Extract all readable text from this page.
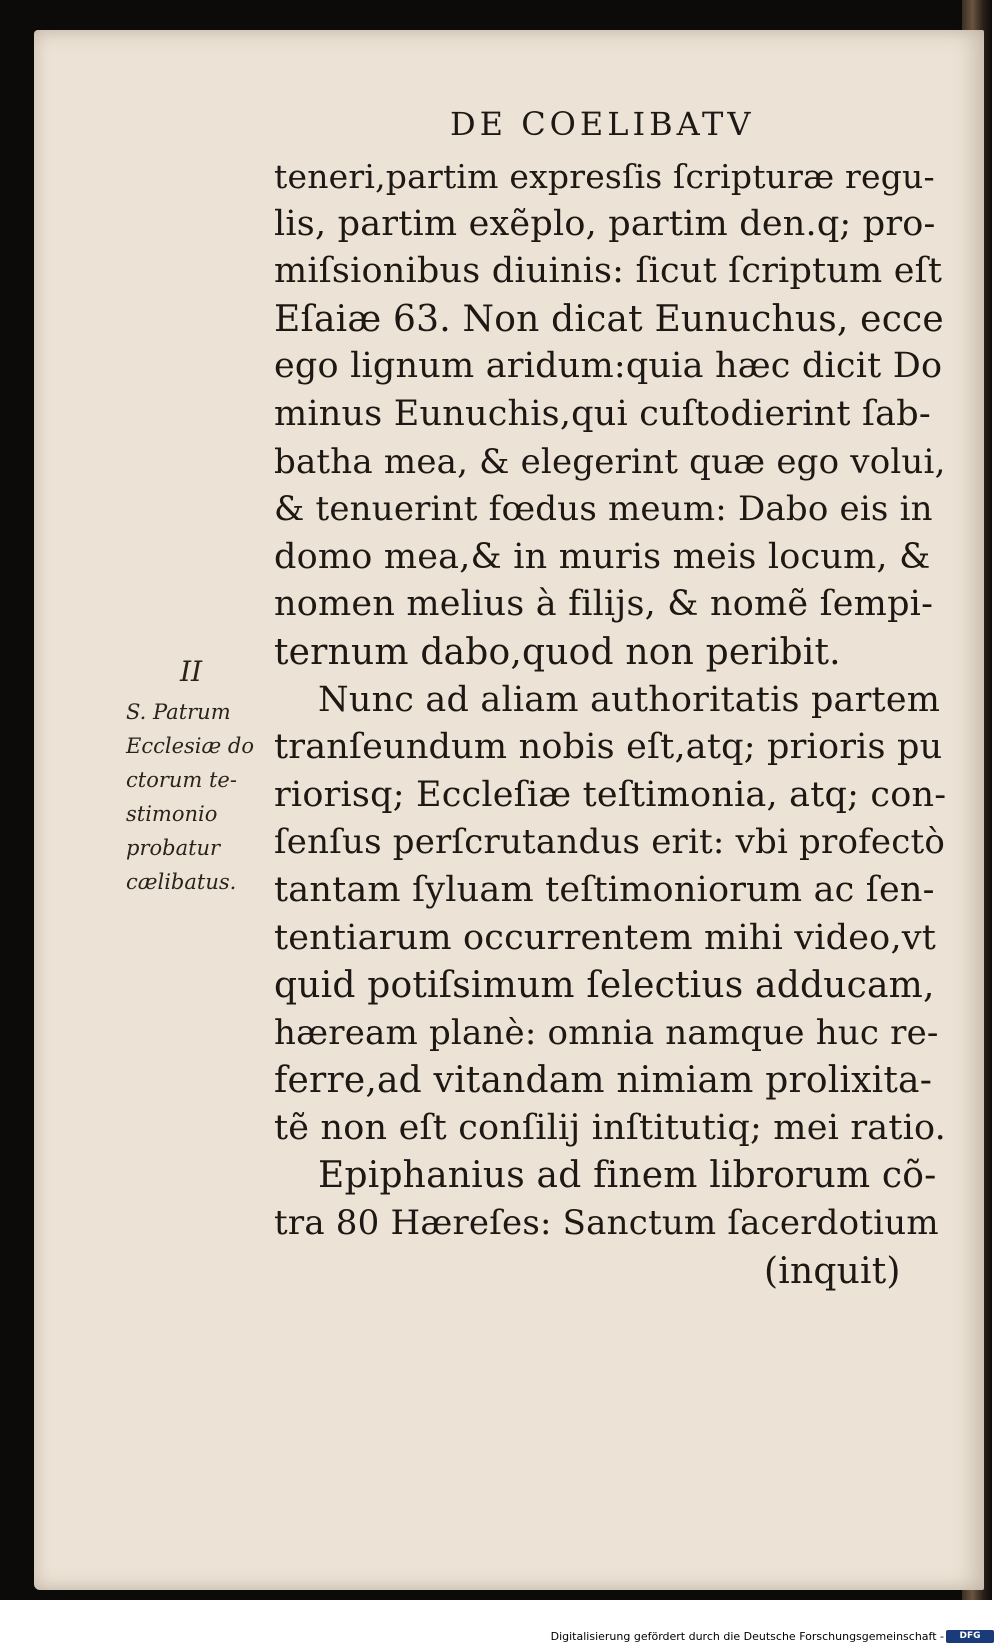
DE COELIBATV
II
S. Patrum
Ecclesiæ do
ctorum te-
stimonio
probatur
cælibatus.
teneri,partim expresſis ſcripturæ regu-
lis, partim exẽplo, partim den.q; pro-
miſsionibus diuinis: ſicut ſcriptum eſt
Eſaiæ 63. Non dicat Eunuchus, ecce
ego lignum aridum:quia hæc dicit Do
minus Eunuchis,qui cuſtodierint ſab-
batha mea, & elegerint quæ ego volui,
& tenuerint fœdus meum: Dabo eis in
domo mea,& in muris meis locum, &
nomen melius à filijs, & nomẽ ſempi-
ternum dabo,quod non peribit.
Nunc ad aliam authoritatis partem
tranſeundum nobis eſt,atq; prioris pu
riorisq; Eccleſiæ teſtimonia, atq; con-
ſenſus perſcrutandus erit: vbi profectò
tantam ſyluam teſtimoniorum ac ſen-
tentiarum occurrentem mihi video,vt
quid potiſsimum ſelectius adducam,
hæream planè: omnia namque huc re-
ferre,ad vitandam nimiam prolixita-
tẽ non eſt conſilij inſtitutiq; mei ratio.
Epiphanius ad finem librorum cõ-
tra 80 Hæreſes: Sanctum ſacerdotium
(inquit)
Digitalisierung gefördert durch die Deutsche Forschungsgemeinschaft -	DFG
